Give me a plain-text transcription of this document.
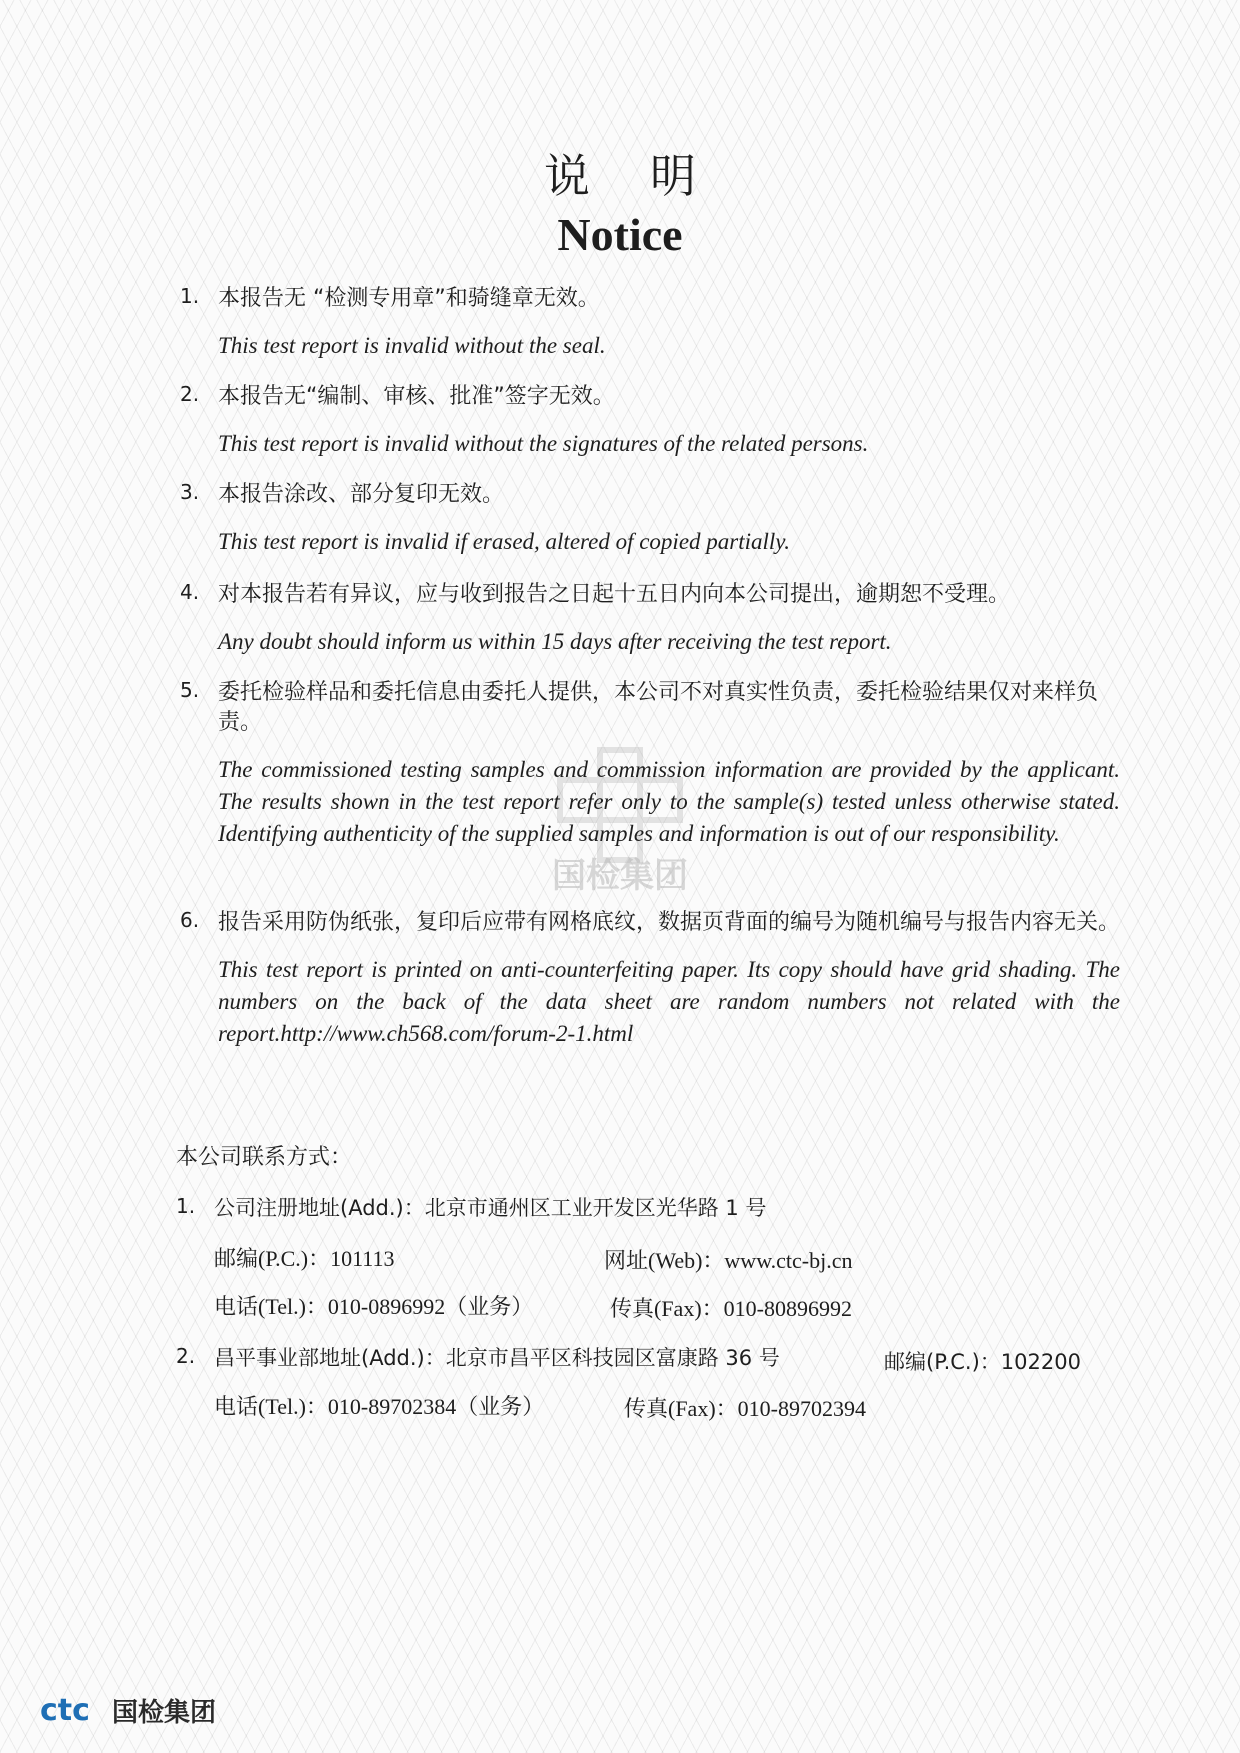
说明
Notice
国检集团
1. 本报告无 “检测专用章”和骑缝章无效。
This test report is invalid without the seal.
2. 本报告无“编制、审核、批准”签字无效。
This test report is invalid without the signatures of the related persons.
3. 本报告涂改、部分复印无效。
This test report is invalid if erased, altered of copied partially.
4. 对本报告若有异议，应与收到报告之日起十五日内向本公司提出，逾期恕不受理。
Any doubt should inform us within 15 days after receiving the test report.
5. 委托检验样品和委托信息由委托人提供，本公司不对真实性负责，委托检验结果仅对来样负责。
The commissioned testing samples and commission information are provided by the applicant. The results shown in the test report refer only to the sample(s) tested unless otherwise stated. Identifying authenticity of the supplied samples and information is out of our responsibility.
6. 报告采用防伪纸张，复印后应带有网格底纹，数据页背面的编号为随机编号与报告内容无关。
This test report is printed on anti-counterfeiting paper. Its copy should have grid shading. The numbers on the back of the data sheet are random numbers not related with the report.http://www.ch568.com/forum-2-1.html
本公司联系方式：
1. 公司注册地址(Add.)：北京市通州区工业开发区光华路 1 号
邮编(P.C.)：101113	网址(Web)：www.ctc-bj.cn
电话(Tel.)：010-0896992（业务）	传真(Fax)：010-80896992
2. 昌平事业部地址(Add.)：北京市昌平区科技园区富康路 36 号	邮编(P.C.)：102200
电话(Tel.)：010-89702384（业务）	传真(Fax)：010-89702394
ctc 国检集团
